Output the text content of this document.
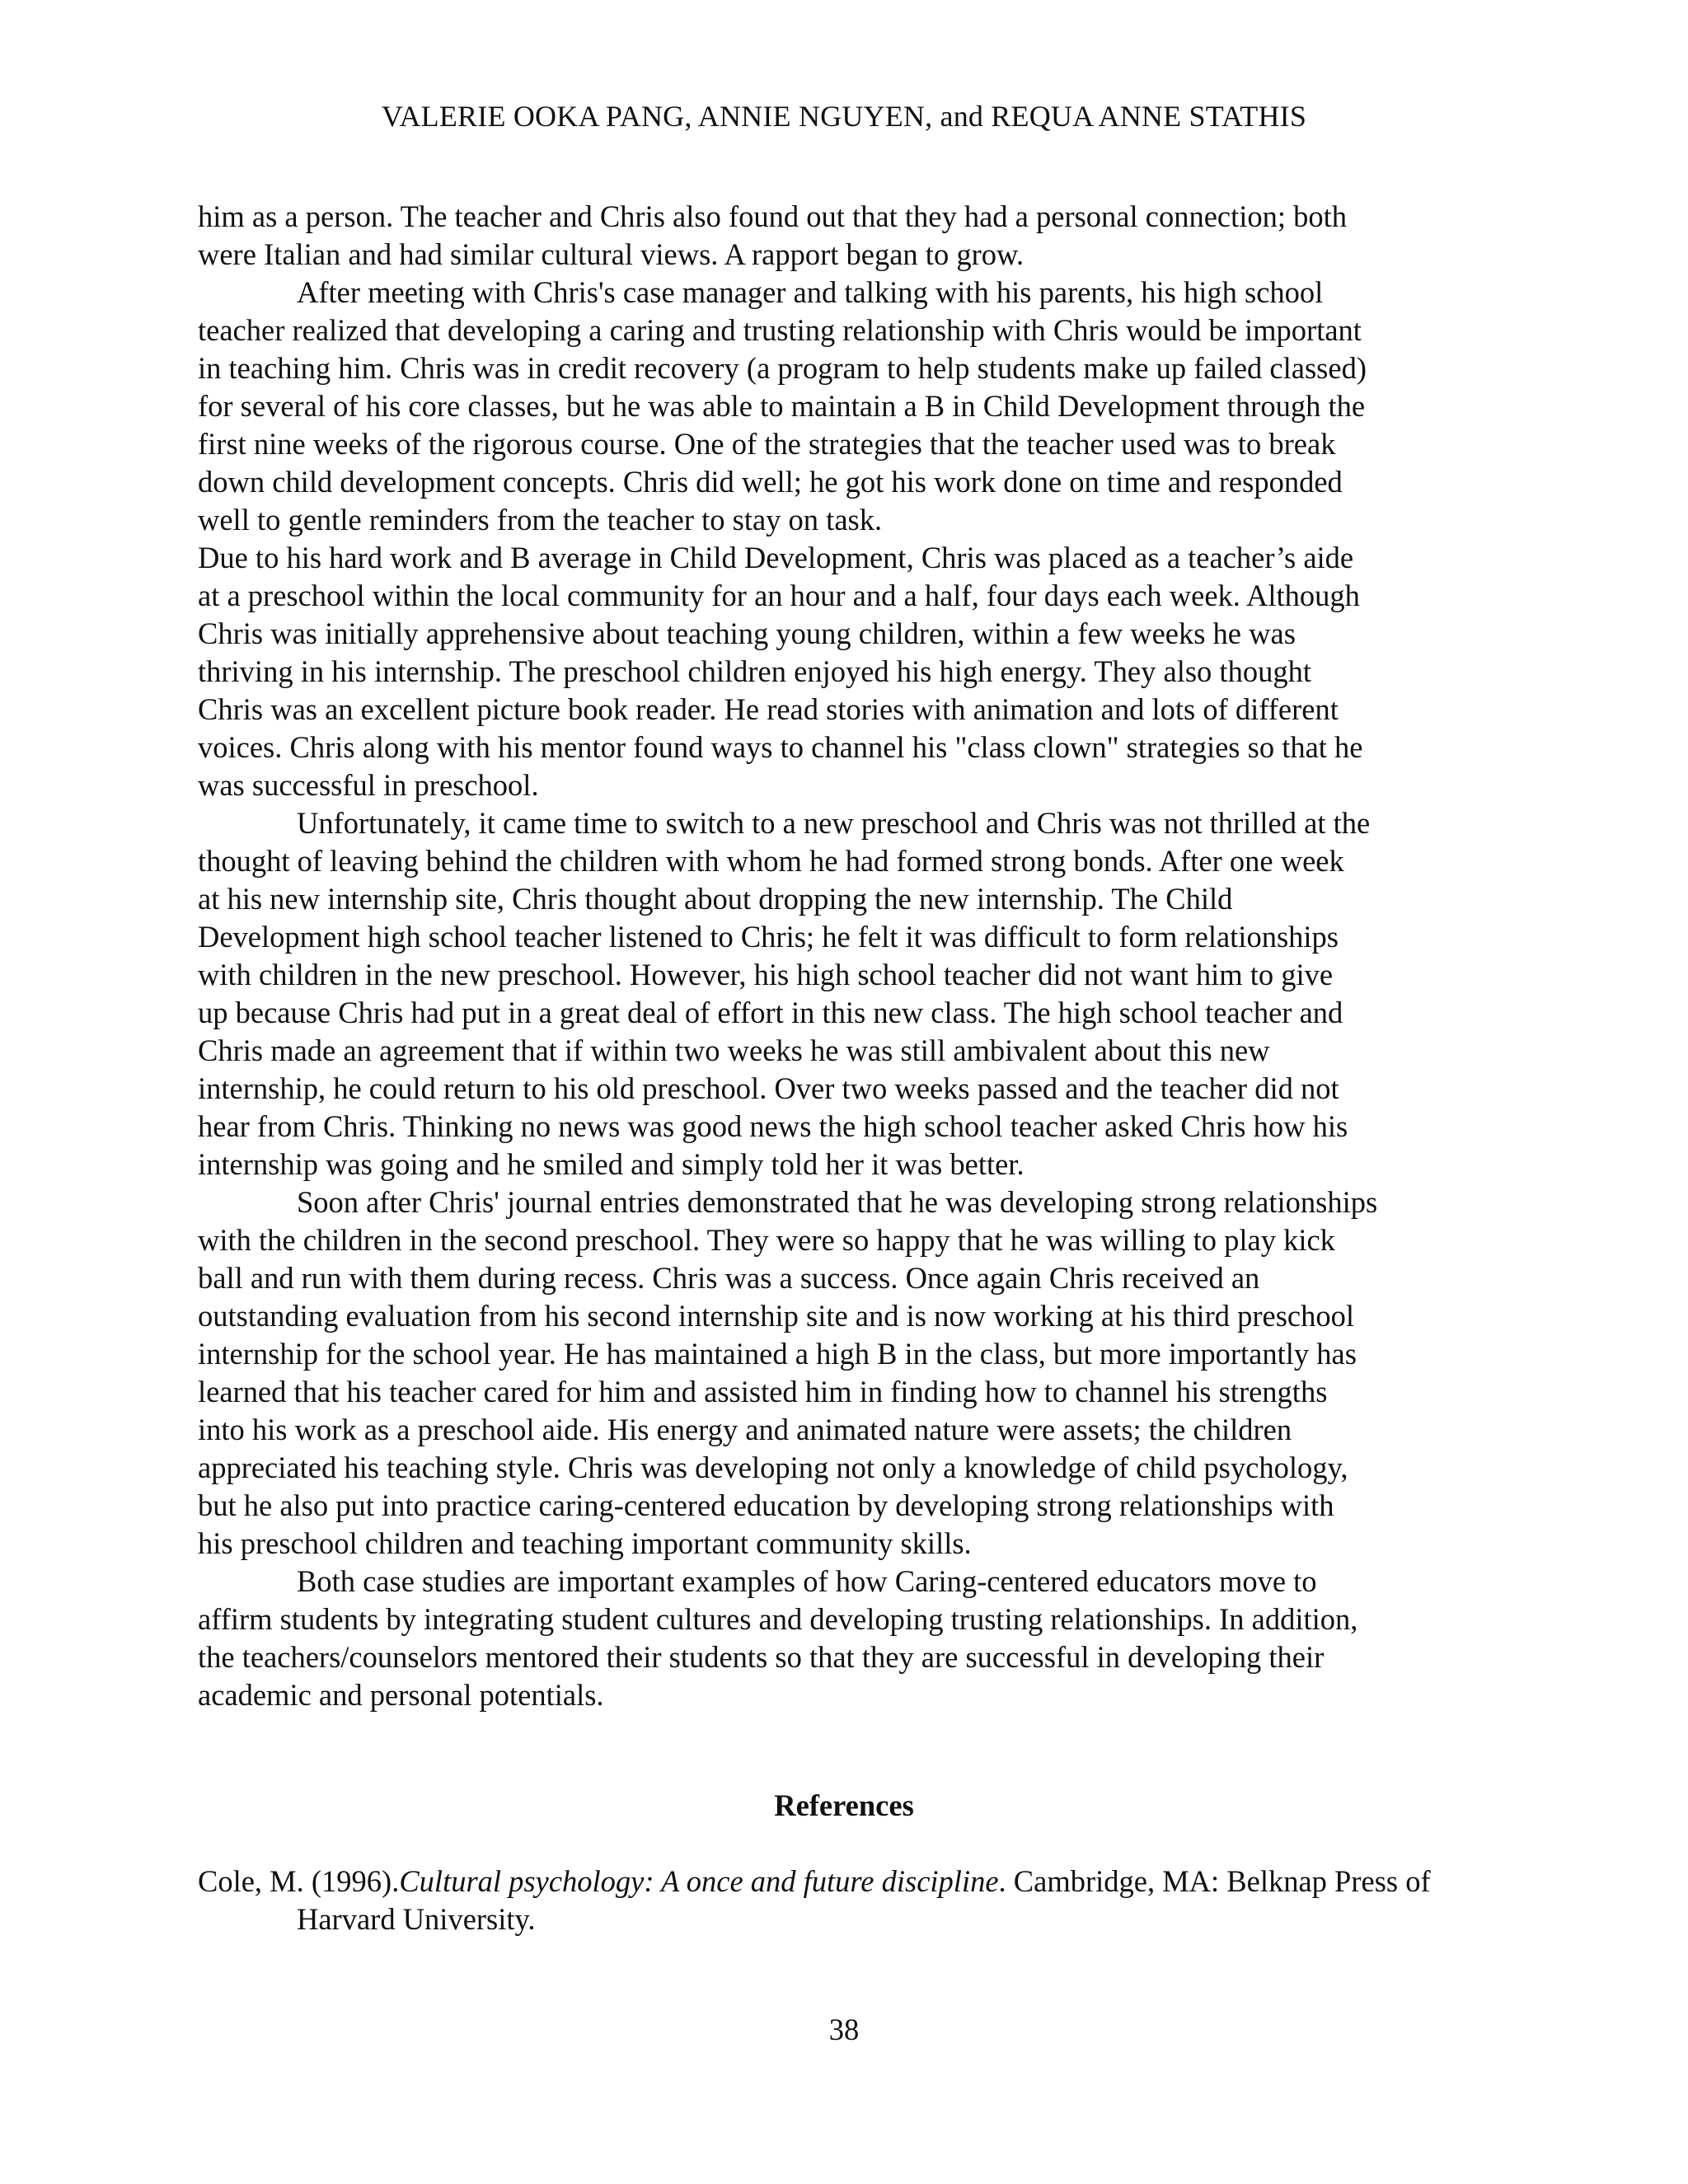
VALERIE OOKA PANG, ANNIE NGUYEN, and REQUA ANNE STATHIS

him as a person. The teacher and Chris also found out that they had a personal connection; both
were Italian and had similar cultural views. A rapport began to grow.

After meeting with Chris's case manager and talking with his parents, his high school
teacher realized that developing a caring and trusting relationship with Chris would be important
in teaching him. Chris was in credit recovery (a program to help students make up failed classed)
for several of his core classes, but he was able to maintain a B in Child Development through the
first nine weeks of the rigorous course. One of the strategies that the teacher used was to break
down child development concepts. Chris did well; he got his work done on time and responded
well to gentle reminders from the teacher to stay on task.

Due to his hard work and B average in Child Development, Chris was placed as a teacher’s aide
at a preschool within the local community for an hour and a half, four days each week. Although
Chris was initially apprehensive about teaching young children, within a few weeks he was
thriving in his internship. The preschool children enjoyed his high energy. They also thought
Chris was an excellent picture book reader. He read stories with animation and lots of different
voices. Chris along with his mentor found ways to channel his "class clown" strategies so that he
was successful in preschool.

Unfortunately, it came time to switch to a new preschool and Chris was not thrilled at the
thought of leaving behind the children with whom he had formed strong bonds. After one week
at his new internship site, Chris thought about dropping the new internship. The Child
Development high school teacher listened to Chris; he felt it was difficult to form relationships
with children in the new preschool. However, his high school teacher did not want him to give
up because Chris had put in a great deal of effort in this new class. The high school teacher and
Chris made an agreement that if within two weeks he was still ambivalent about this new
internship, he could return to his old preschool. Over two weeks passed and the teacher did not
hear from Chris. Thinking no news was good news the high school teacher asked Chris how his
internship was going and he smiled and simply told her it was better.

Soon after Chris' journal entries demonstrated that he was developing strong relationships
with the children in the second preschool. They were so happy that he was willing to play kick
ball and run with them during recess. Chris was a success. Once again Chris received an
outstanding evaluation from his second internship site and is now working at his third preschool
internship for the school year. He has maintained a high B in the class, but more importantly has
learned that his teacher cared for him and assisted him in finding how to channel his strengths
into his work as a preschool aide. His energy and animated nature were assets; the children
appreciated his teaching style. Chris was developing not only a knowledge of child psychology,
but he also put into practice caring-centered education by developing strong relationships with
his preschool children and teaching important community skills.

Both case studies are important examples of how Caring-centered educators move to
affirm students by integrating student cultures and developing trusting relationships. In addition,
the teachers/counselors mentored their students so that they are successful in developing their
academic and personal potentials.

References
Cole, M. (1996).Cultural psychology: A once and future discipline. Cambridge, MA: Belknap Press of Harvard University.
38
